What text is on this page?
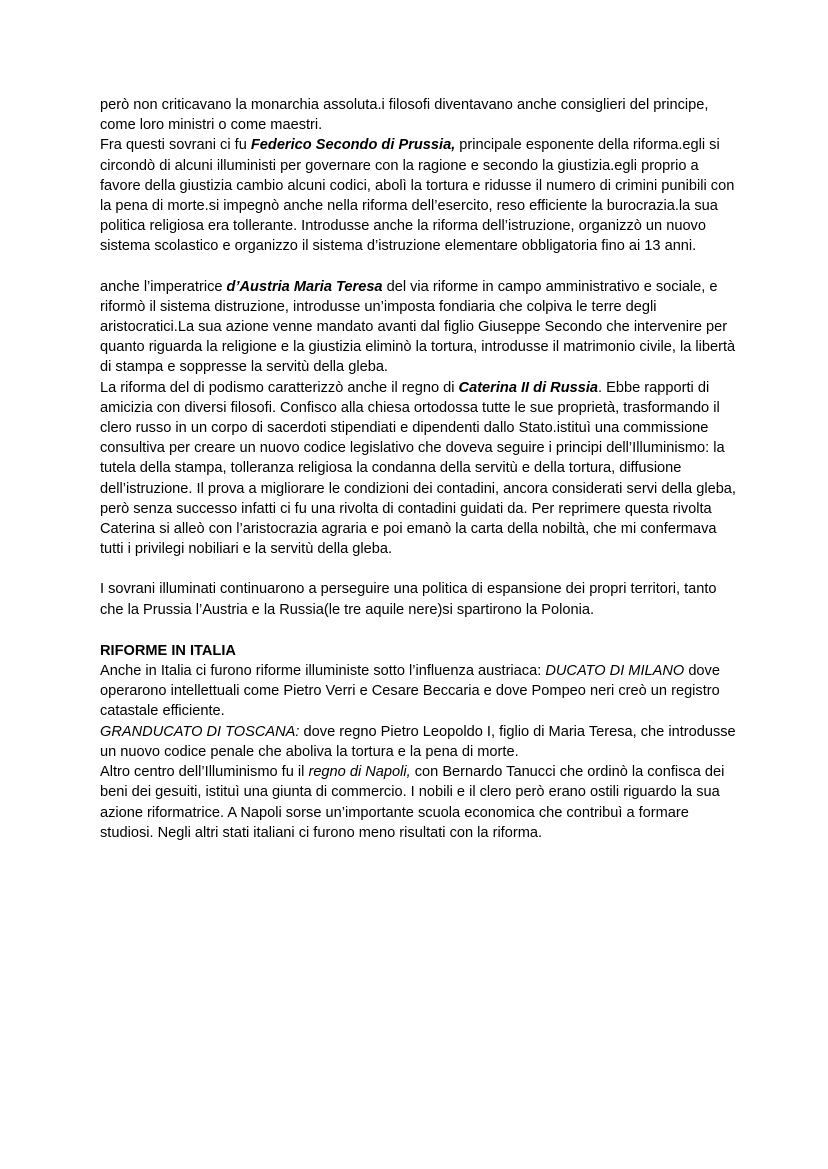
però non criticavano la monarchia assoluta.i filosofi diventavano anche consiglieri del principe, come loro ministri o come maestri.

Fra questi sovrani ci fu Federico Secondo di Prussia, principale esponente della riforma.egli si circondò di alcuni illuministi per governare con la ragione e secondo la giustizia.egli proprio a favore della giustizia cambio alcuni codici, abolì la tortura e ridusse il numero di crimini punibili con la pena di morte.si impegnò anche nella riforma dell’esercito, reso efficiente la burocrazia.la sua politica religiosa era tollerante. Introdusse anche la riforma dell’istruzione, organizzò un nuovo sistema scolastico e organizzo il sistema d’istruzione elementare obbligatoria fino ai 13 anni.

anche l’imperatrice d’Austria Maria Teresa del via riforme in campo amministrativo e sociale, e riformò il sistema distruzione, introdusse un’imposta fondiaria che colpiva le terre degli aristocratici.La sua azione venne mandato avanti dal figlio Giuseppe Secondo che intervenire per quanto riguarda la religione e la giustizia eliminò la tortura, introdusse il matrimonio civile, la libertà di stampa e soppresse la servitù della gleba.

La riforma del di podismo caratterizzò anche il regno di Caterina II di Russia. Ebbe rapporti di amicizia con diversi filosofi. Confisco alla chiesa ortodossa tutte le sue proprietà, trasformando il clero russo in un corpo di sacerdoti stipendiati e dipendenti dallo Stato.istituì una commissione consultiva per creare un nuovo codice legislativo che doveva seguire i principi dell’Illuminismo: la tutela della stampa, tolleranza religiosa la condanna della servitù e della tortura, diffusione dell’istruzione. Il prova a migliorare le condizioni dei contadini, ancora considerati servi della gleba, però senza successo infatti ci fu una rivolta di contadini guidati da. Per reprimere questa rivolta Caterina si alleò con l’aristocrazia agraria e poi emanò la carta della nobiltà, che mi confermava tutti i privilegi nobiliari e la servitù della gleba.

I sovrani illuminati continuarono a perseguire una politica di espansione dei propri territori, tanto che la Prussia l’Austria e la Russia(le tre aquile nere)si spartirono la Polonia.

RIFORME IN ITALIA

Anche in Italia ci furono riforme illuministe sotto l’influenza austriaca: DUCATO DI MILANO dove operarono intellettuali come Pietro Verri e Cesare Beccaria e dove Pompeo neri creò un registro catastale efficiente.

GRANDUCATO DI TOSCANA: dove regno Pietro Leopoldo I, figlio di Maria Teresa, che introdusse un nuovo codice penale che aboliva la tortura e la pena di morte.

Altro centro dell’Illuminismo fu il regno di Napoli, con Bernardo Tanucci che ordinò la confisca dei beni dei gesuiti, istituì una giunta di commercio. I nobili e il clero però erano ostili riguardo la sua azione riformatrice. A Napoli sorse un’importante scuola economica che contribuì a formare studiosi. Negli altri stati italiani ci furono meno risultati con la riforma.
